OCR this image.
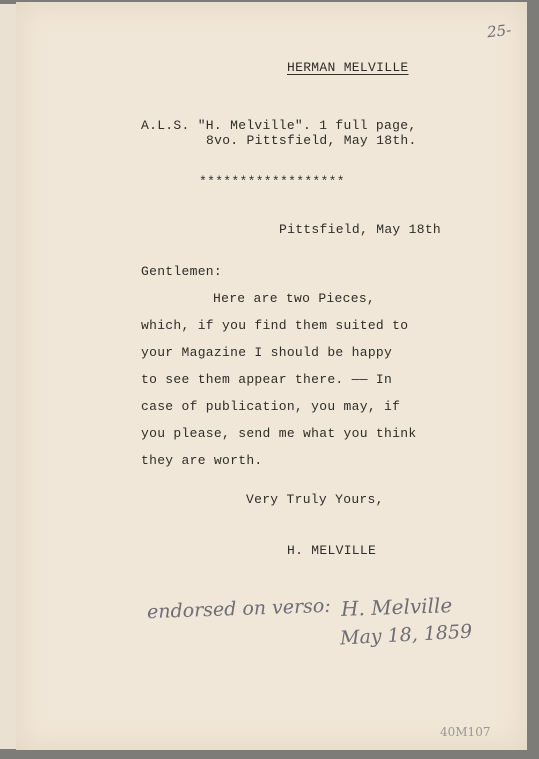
25-

HERMAN MELVILLE

A.L.S. "H. Melville". 1 full page,

8vo. Pittsfield, May 18th.

******************

Pittsfield, May 18th

Gentlemen:

Here are two Pieces,

which, if you find them suited to

your Magazine I should be happy

to see them appear there. —— In

case of publication, you may, if

you please, send me what you think

they are worth.

Very Truly Yours,

H. MELVILLE

endorsed on verso: H. Melville
May 18, 1859
40M107
